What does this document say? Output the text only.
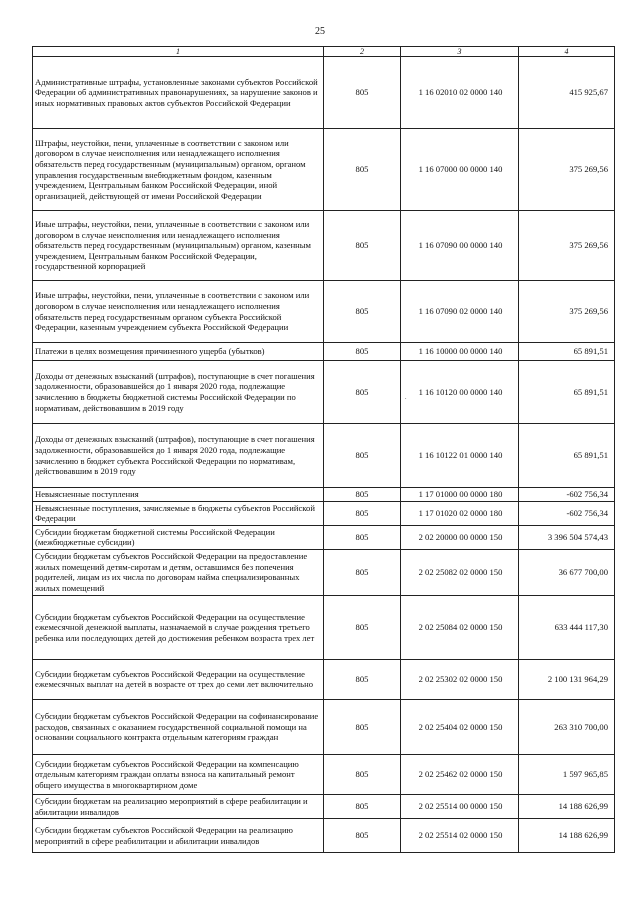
25
1	2	3	4
Административные штрафы, установленные законами субъектов Российской Федерации об административных правонарушениях, за нарушение законов и иных нормативных правовых актов субъектов Российской Федерации	805	1 16 02010 02 0000 140	415 925,67
Штрафы, неустойки, пени, уплаченные в соответствии с законом или договором в случае неисполнения или ненадлежащего исполнения обязательств перед государственным (муниципальным) органом, органом управления государственным внебюджетным фондом, казенным учреждением, Центральным банком Российской Федерации, иной организацией, действующей от имени Российской Федерации	805	1 16 07000 00 0000 140	375 269,56
Иные штрафы, неустойки, пени, уплаченные в соответствии с законом или договором в случае неисполнения или ненадлежащего исполнения обязательств перед государственным (муниципальным) органом, казенным учреждением, Центральным банком Российской Федерации, государственной корпорацией	805	1 16 07090 00 0000 140	375 269,56
Иные штрафы, неустойки, пени, уплаченные в соответствии с законом или договором в случае неисполнения или ненадлежащего исполнения обязательств перед государственным органом субъекта Российской Федерации, казенным учреждением субъекта Российской Федерации	805	1 16 07090 02 0000 140	375 269,56
Платежи в целях возмещения причиненного ущерба (убытков)	805	1 16 10000 00 0000 140	65 891,51
Доходы от денежных взысканий (штрафов), поступающие в счет погашения задолженности, образовавшейся до 1 января 2020 года, подлежащие зачислению в бюджеты бюджетной системы Российской Федерации по нормативам, действовавшим в 2019 году	805	1 16 10120 00 0000 140	65 891,51
Доходы от денежных взысканий (штрафов), поступающие в счет погашения задолженности, образовавшейся до 1 января 2020 года, подлежащие зачислению в бюджет субъекта Российской Федерации по нормативам, действовавшим в 2019 году	805	1 16 10122 01 0000 140	65 891,51
Невыясненные поступления	805	1 17 01000 00 0000 180	-602 756,34
Невыясненные поступления, зачисляемые в бюджеты субъектов Российской Федерации	805	1 17 01020 02 0000 180	-602 756,34
Субсидии бюджетам бюджетной системы Российской Федерации (межбюджетные субсидии)	805	2 02 20000 00 0000 150	3 396 504 574,43
Субсидии бюджетам субъектов Российской Федерации на предоставление жилых помещений детям-сиротам и детям, оставшимся без попечения родителей, лицам из их числа по договорам найма специализированных жилых помещений	805	2 02 25082 02 0000 150	36 677 700,00
Субсидии бюджетам субъектов Российской Федерации на осуществление ежемесячной денежной выплаты, назначаемой в случае рождения третьего ребенка или последующих детей до достижения ребенком возраста трех лет	805	2 02 25084 02 0000 150	633 444 117,30
Субсидии бюджетам субъектов Российской Федерации на осуществление ежемесячных выплат на детей в возрасте от трех до семи лет включительно	805	2 02 25302 02 0000 150	2 100 131 964,29
Субсидии бюджетам субъектов Российской Федерации на софинансирование расходов, связанных с оказанием государственной социальной помощи на основании социального контракта отдельным категориям граждан	805	2 02 25404 02 0000 150	263 310 700,00
Субсидии бюджетам субъектов Российской Федерации на компенсацию отдельным категориям граждан оплаты взноса на капитальный ремонт общего имущества в многоквартирном доме	805	2 02 25462 02 0000 150	1 597 965,85
Субсидии бюджетам на реализацию мероприятий в сфере реабилитации и абилитации инвалидов	805	2 02 25514 00 0000 150	14 188 626,99
Субсидии бюджетам субъектов Российской Федерации на реализацию мероприятий в сфере реабилитации и абилитации инвалидов	805	2 02 25514 02 0000 150	14 188 626,99
.
